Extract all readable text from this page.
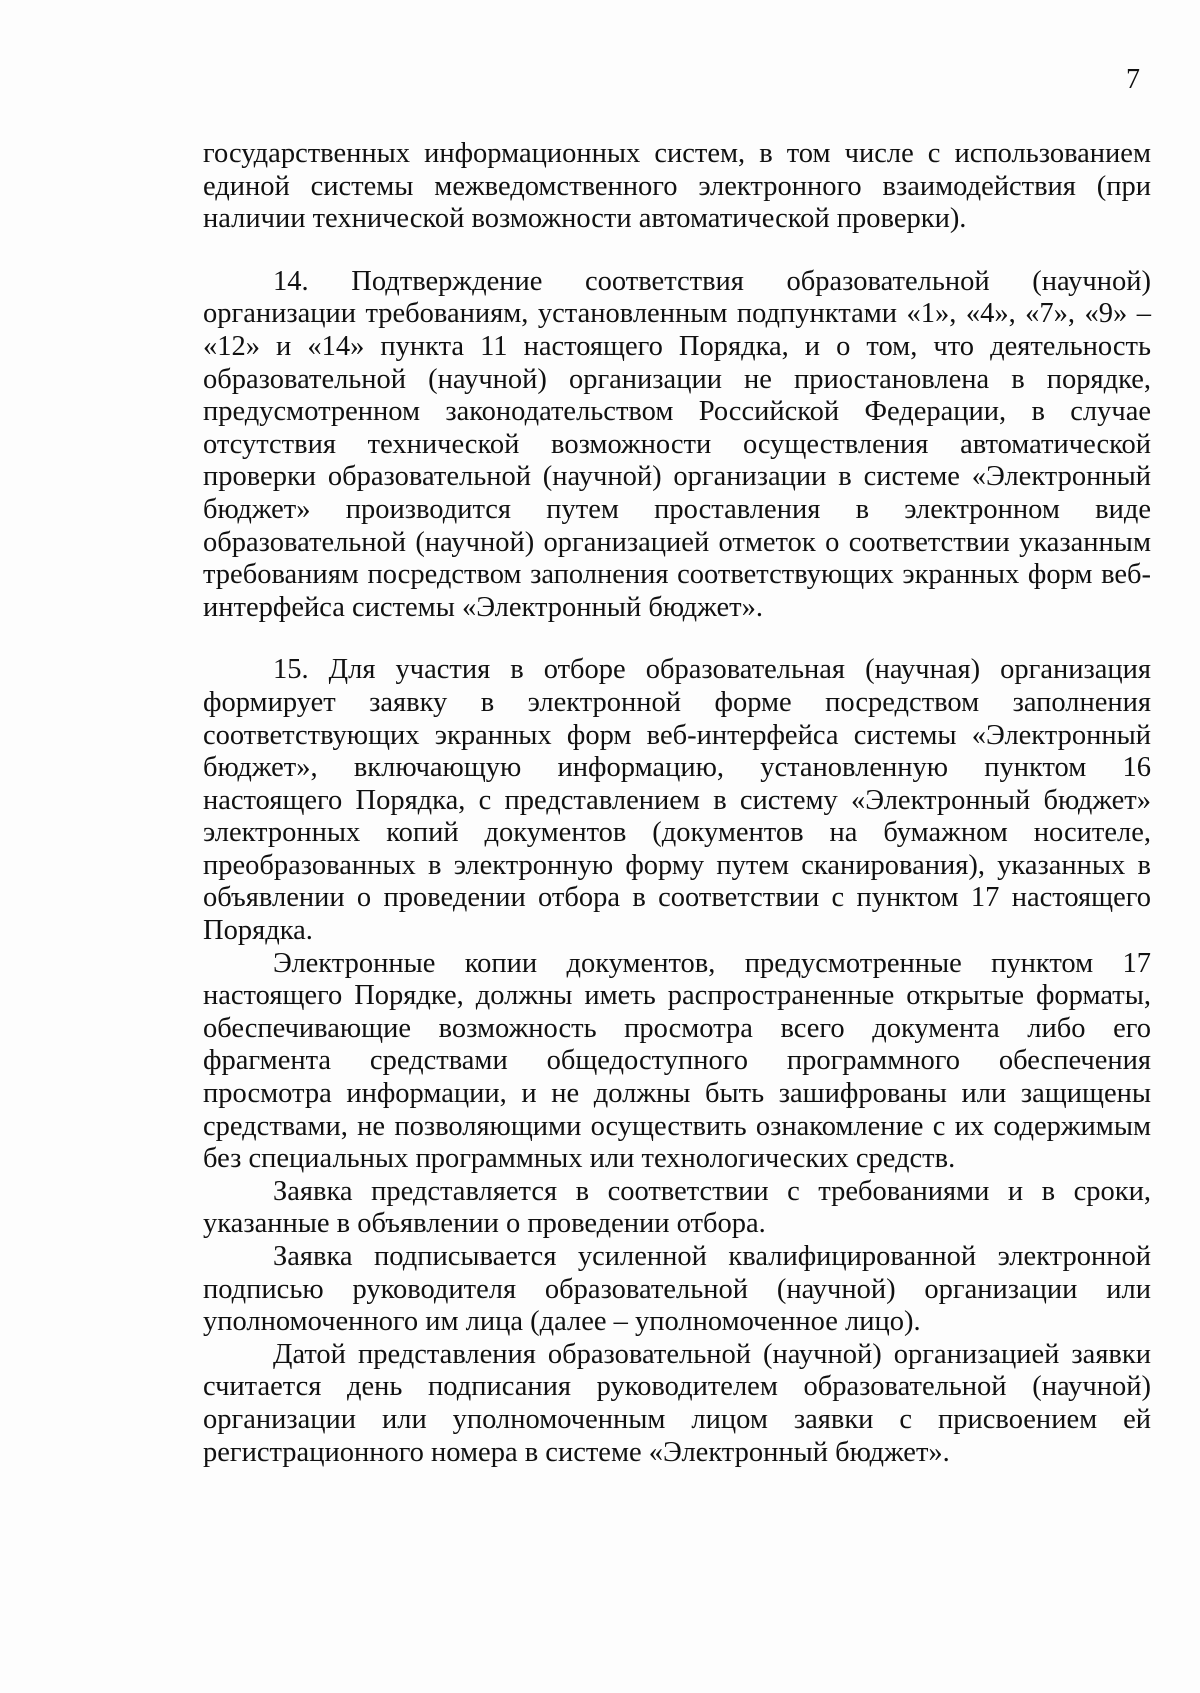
7

государственных информационных систем, в том числе с использованием единой системы межведомственного электронного взаимодействия (при наличии технической возможности автоматической проверки).

14. Подтверждение соответствия образовательной (научной) организации требованиям, установленным подпунктами «1», «4», «7», «9» – «12» и «14» пункта 11 настоящего Порядка, и о том, что деятельность образовательной (научной) организации не приостановлена в порядке, предусмотренном законодательством Российской Федерации, в случае отсутствия технической возможности осуществления автоматической проверки образовательной (научной) организации в системе «Электронный бюджет» производится путем проставления в электронном виде образовательной (научной) организацией отметок о соответствии указанным требованиям посредством заполнения соответствующих экранных форм веб-интерфейса системы «Электронный бюджет».

15. Для участия в отборе образовательная (научная) организация формирует заявку в электронной форме посредством заполнения соответствующих экранных форм веб-интерфейса системы «Электронный бюджет», включающую информацию, установленную пунктом 16 настоящего Порядка, с представлением в систему «Электронный бюджет» электронных копий документов (документов на бумажном носителе, преобразованных в электронную форму путем сканирования), указанных в объявлении о проведении отбора в соответствии с пунктом 17 настоящего Порядка.

Электронные копии документов, предусмотренные пунктом 17 настоящего Порядке, должны иметь распространенные открытые форматы, обеспечивающие возможность просмотра всего документа либо его фрагмента средствами общедоступного программного обеспечения просмотра информации, и не должны быть зашифрованы или защищены средствами, не позволяющими осуществить ознакомление с их содержимым без специальных программных или технологических средств.

Заявка представляется в соответствии с требованиями и в сроки, указанные в объявлении о проведении отбора.

Заявка подписывается усиленной квалифицированной электронной подписью руководителя образовательной (научной) организации или уполномоченного им лица (далее – уполномоченное лицо).

Датой представления образовательной (научной) организацией заявки считается день подписания руководителем образовательной (научной) организации или уполномоченным лицом заявки с присвоением ей регистрационного номера в системе «Электронный бюджет».
